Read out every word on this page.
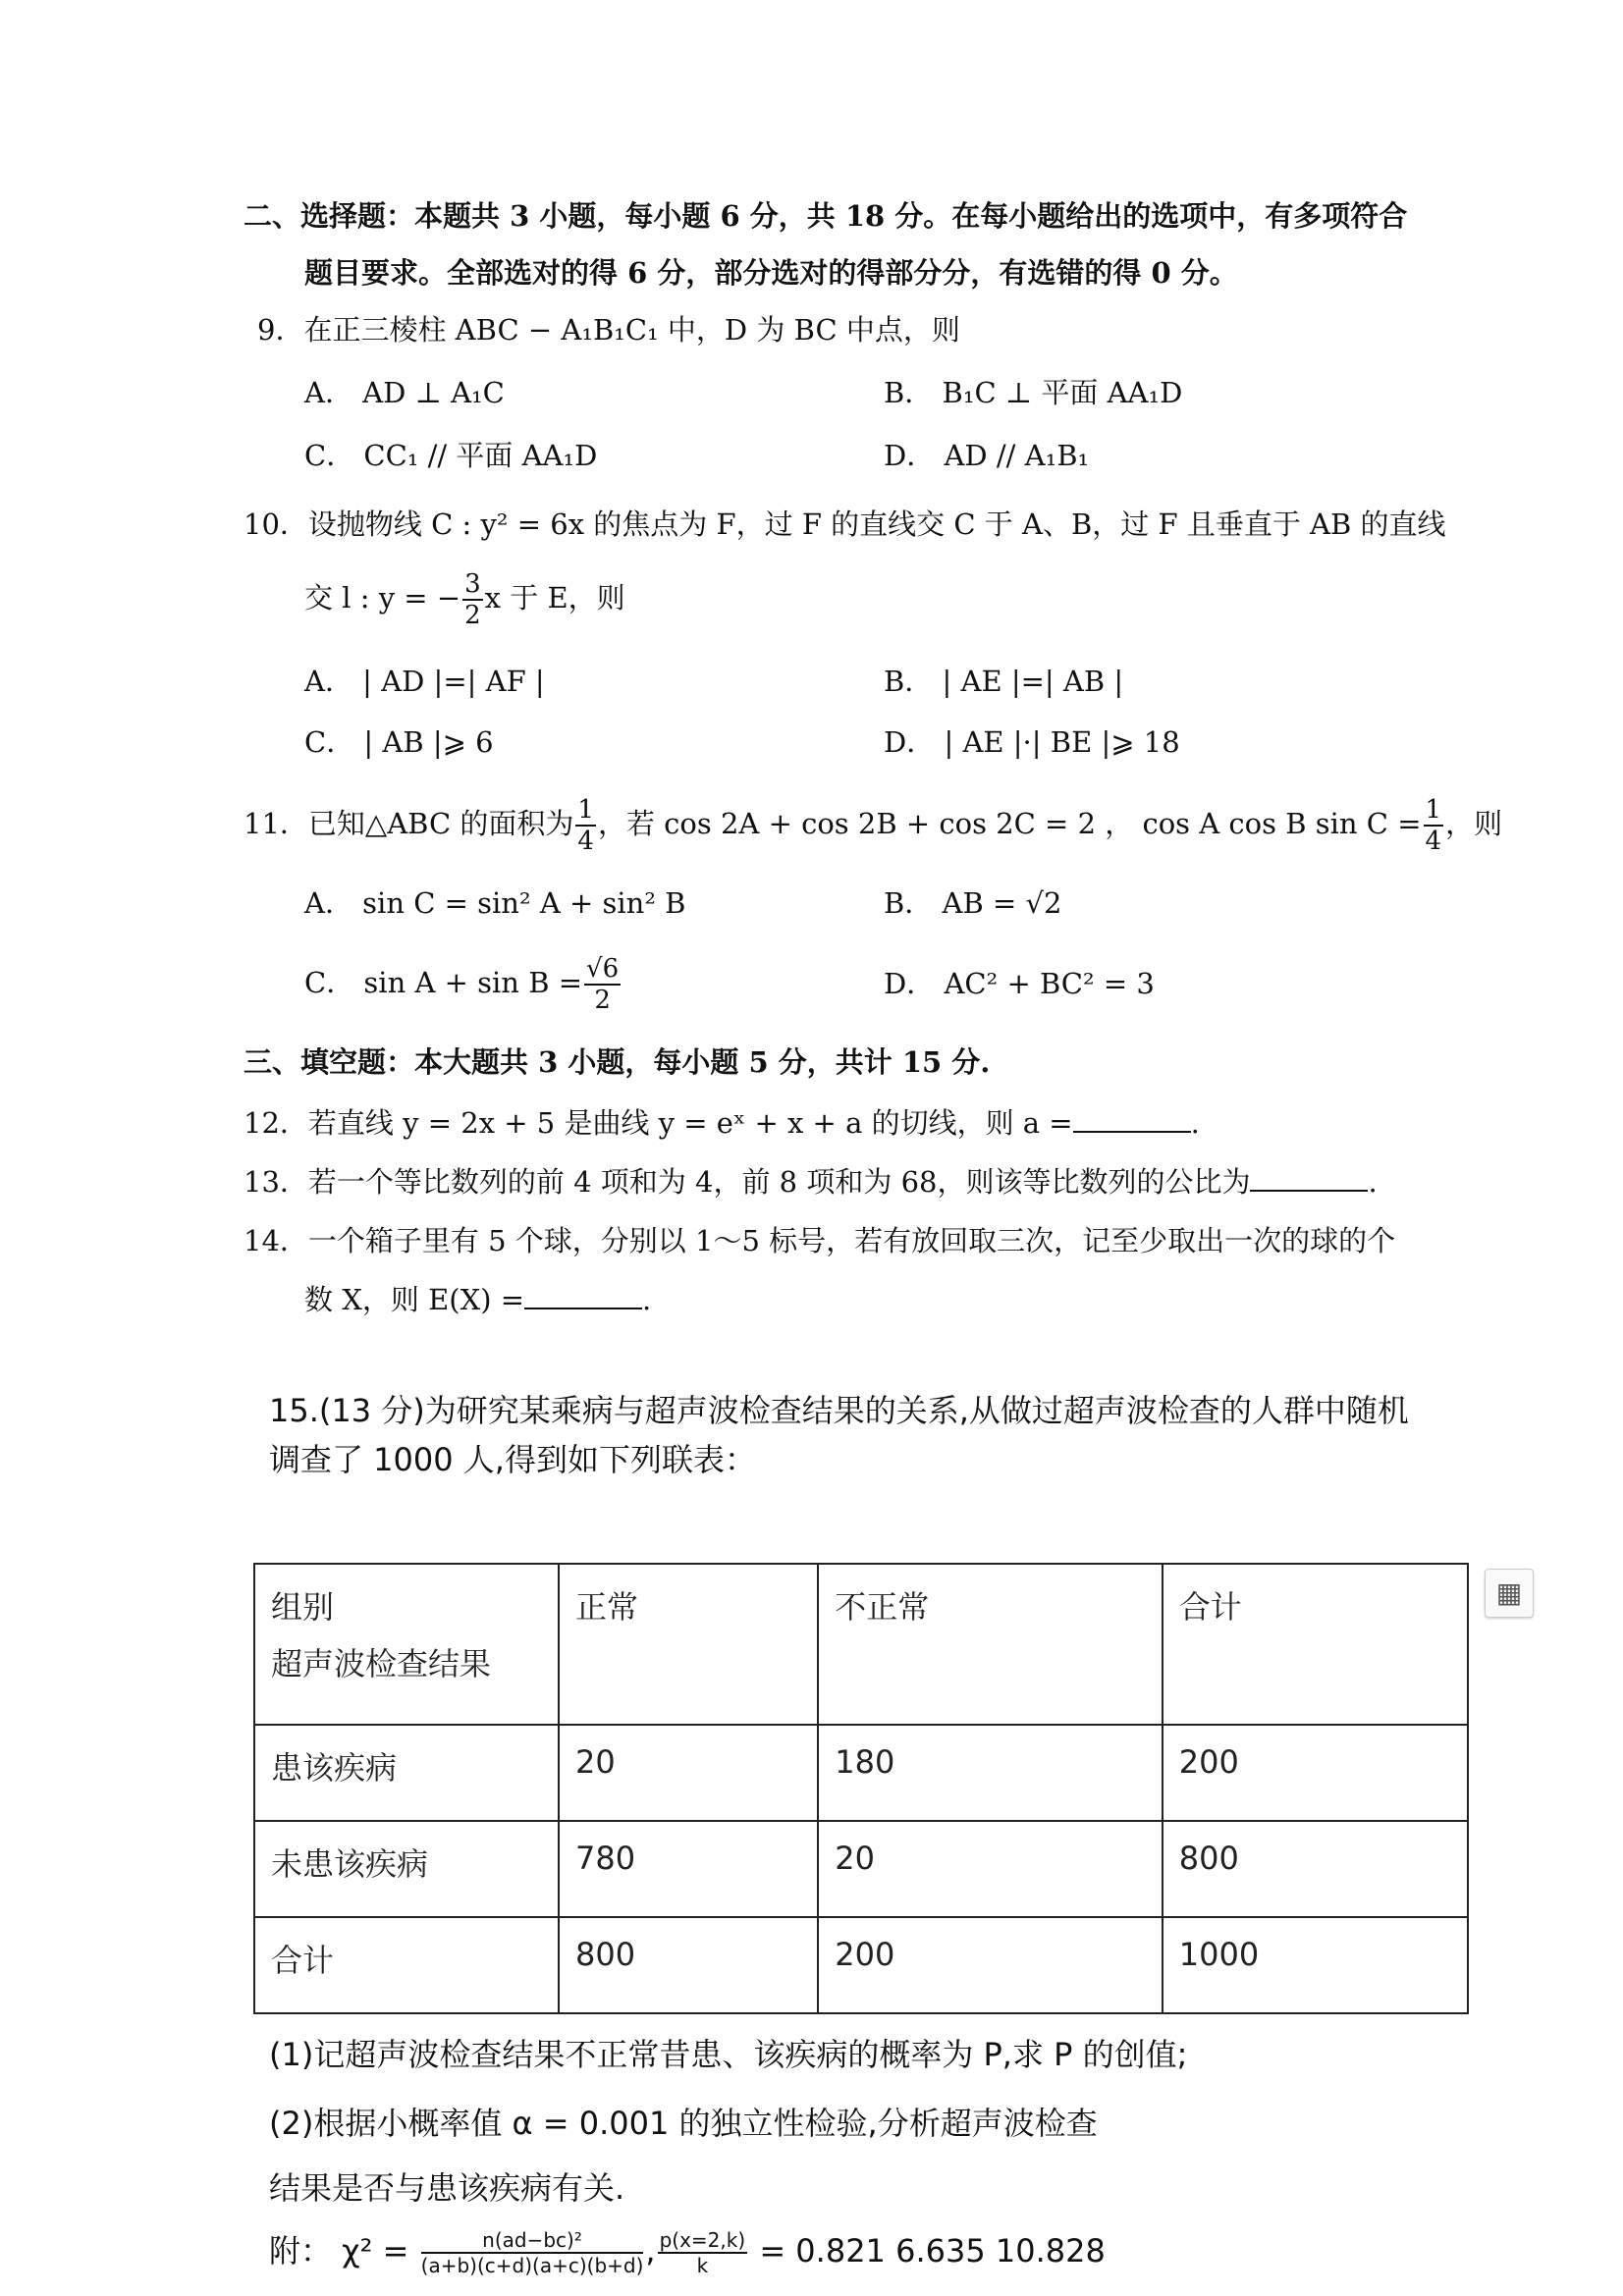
二、选择题：本题共 3 小题，每小题 6 分，共 18 分。在每小题给出的选项中，有多项符合
题目要求。全部选对的得 6 分，部分选对的得部分分，有选错的得 0 分。
9．在正三棱柱 ABC − A₁B₁C₁ 中，D 为 BC 中点，则
A． AD ⊥ A₁C	B． B₁C ⊥ 平面 AA₁D
C． CC₁ // 平面 AA₁D	D． AD // A₁B₁
10．设抛物线 C : y² = 6x 的焦点为 F，过 F 的直线交 C 于 A、B，过 F 且垂直于 AB 的直线
交 l : y = − $\frac{3}{2}$ x 于 E，则
A． | AD |=| AF |	B． | AE |=| AB |
C． | AB |⩾ 6	D． | AE |·| BE |⩾ 18
11．已知△ABC 的面积为 $\frac{1}{4}$ ，若 cos 2A + cos 2B + cos 2C = 2 ， cos A cos B $\sin C = \frac{1}{4}$ ，则
A． sin C = sin² A + sin² B	B． AB = √2
C． $\sin A + \sin B = \frac{√6}{2}$	D． AC² + BC² = 3
三、填空题：本大题共 3 小题，每小题 5 分，共计 15 分.
12．若直线 y = 2x + 5 是曲线 y = eˣ + x + a 的切线，则 a =	.
13．若一个等比数列的前 4 项和为 4，前 8 项和为 68，则该等比数列的公比为	.
14．一个箱子里有 5 个球，分别以 1～5 标号，若有放回取三次，记至少取出一次的球的个
数 X，则 E(X) =	.
15.(13 分)为研究某乘病与超声波检查结果的关系,从做过超声波检查的人群中随机
调查了 1000 人,得到如下列联表：
组别
超声波检查结果	正常	不正常	合计
患该疾病	20	180	200
未患该疾病	780	20	800
合计	800	200	1000
▦
(1)记超声波检查结果不正常昔患、该疾病的概率为 P,求 P 的创值;
(2)根据小概率值 α = 0.001 的独立性检验,分析超声波检查
结果是否与患该疾病有关.
附： $\chi^2 = \frac{\text{n(ad−bc)²}}{(a+b)(c+d)(a+c)(b+d)}$ , $\frac{p(x=2,k)}{k} = 0.821$ 6.635 10.828
